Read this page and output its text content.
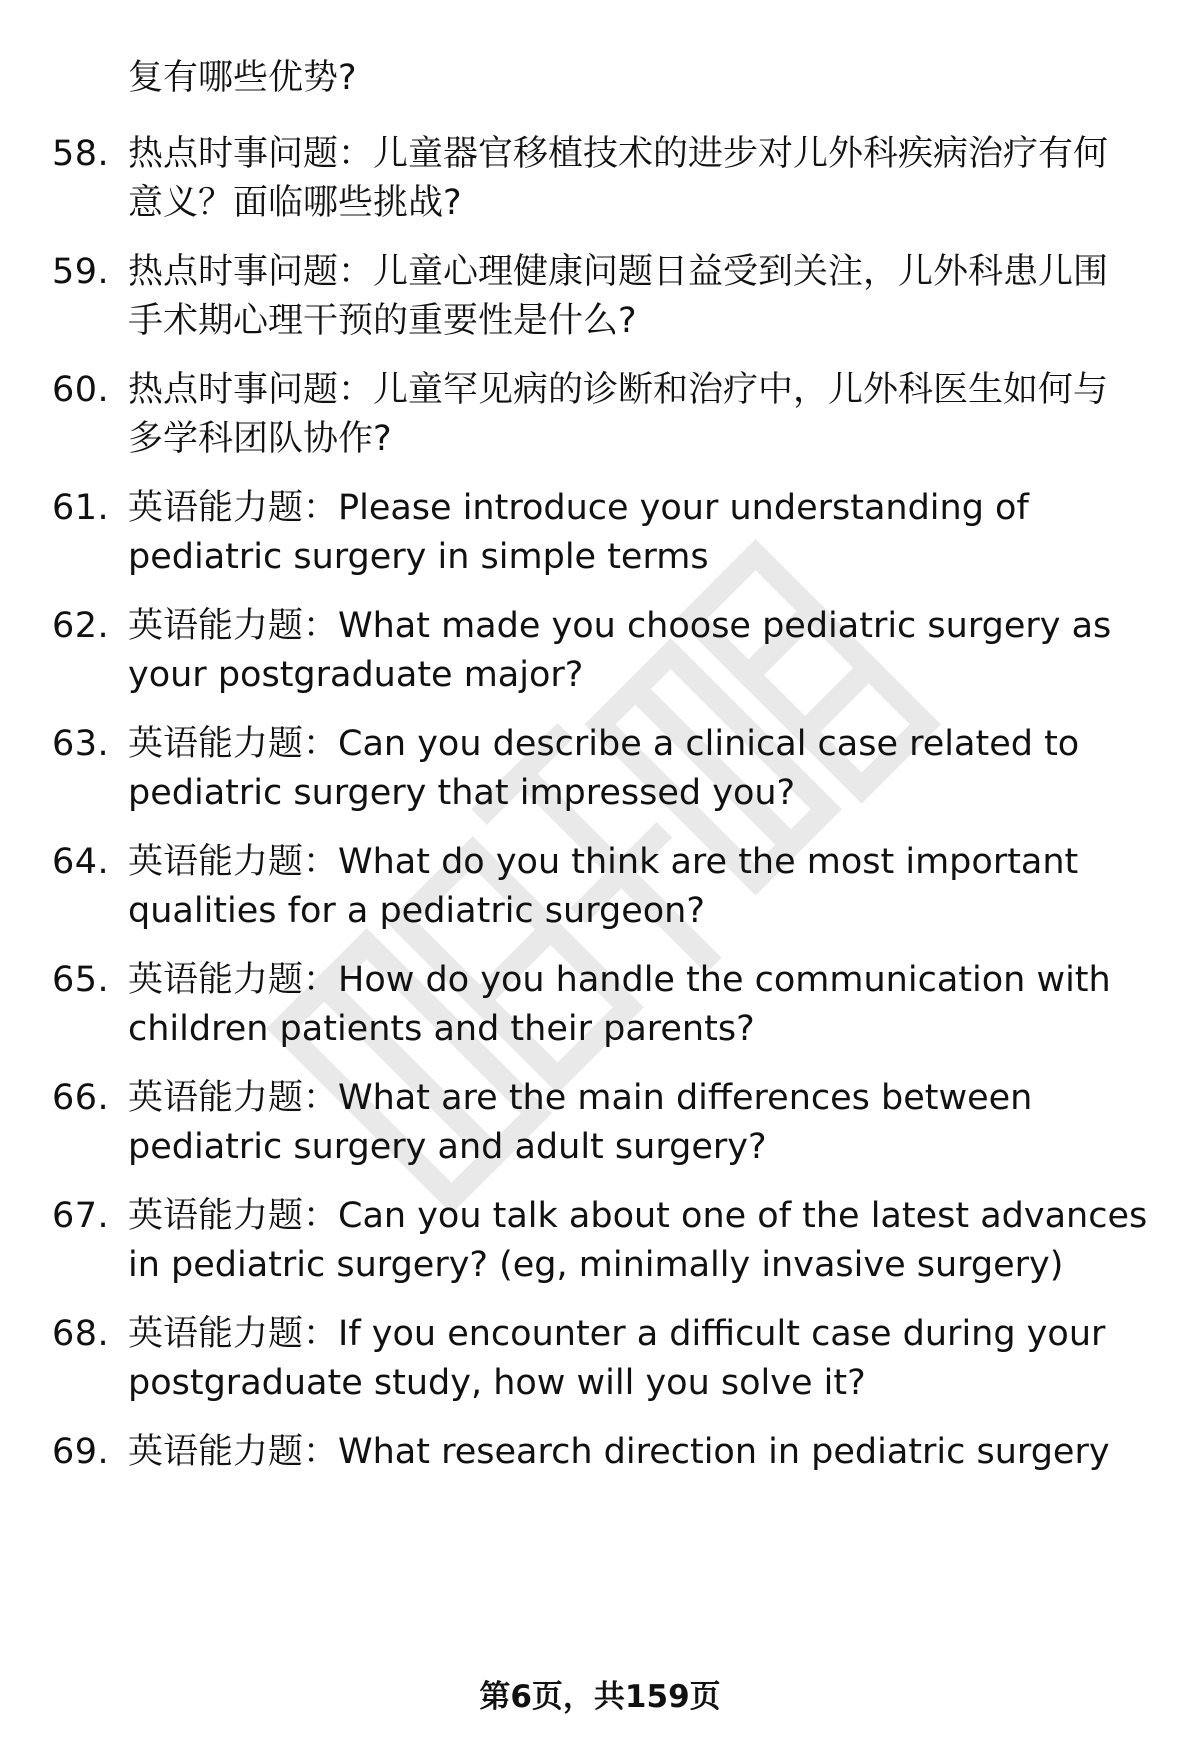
复有哪些优势?
58. 热点时事问题：儿童器官移植技术的进步对儿外科疾病治疗有何
意义？面临哪些挑战?
59. 热点时事问题：儿童心理健康问题日益受到关注，儿外科患儿围
手术期心理干预的重要性是什么?
60. 热点时事问题：儿童罕见病的诊断和治疗中，儿外科医生如何与
多学科团队协作?
61. 英语能力题：Please introduce your understanding of
pediatric surgery in simple terms
62. 英语能力题：What made you choose pediatric surgery as
your postgraduate major?
63. 英语能力题：Can you describe a clinical case related to
pediatric surgery that impressed you?
64. 英语能力题：What do you think are the most important
qualities for a pediatric surgeon?
65. 英语能力题：How do you handle the communication with
children patients and their parents?
66. 英语能力题：What are the main differences between
pediatric surgery and adult surgery?
67. 英语能力题：Can you talk about one of the latest advances
in pediatric surgery? (eg, minimally invasive surgery)
68. 英语能力题：If you encounter a difficult case during your
postgraduate study, how will you solve it?
69. 英语能力题：What research direction in pediatric surgery
第6页，共159页
